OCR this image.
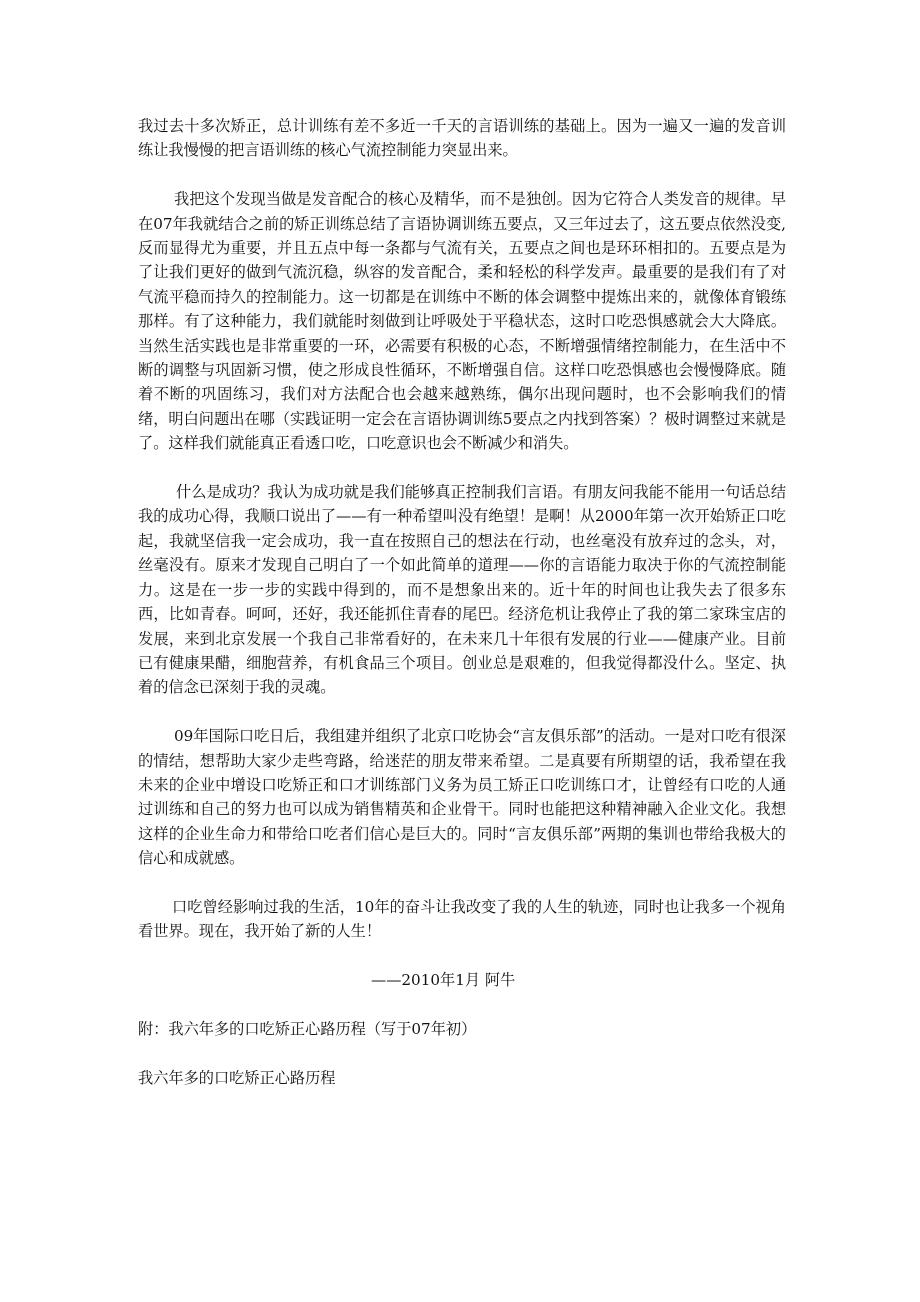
我过去十多次矫正，总计训练有差不多近一千天的言语训练的基础上。因为一遍又一遍的发音训练让我慢慢的把言语训练的核心气流控制能力突显出来。

我把这个发现当做是发音配合的核心及精华，而不是独创。因为它符合人类发音的规律。早在07年我就结合之前的矫正训练总结了言语协调训练五要点，又三年过去了，这五要点依然没变,反而显得尤为重要，并且五点中每一条都与气流有关，五要点之间也是环环相扣的。五要点是为了让我们更好的做到气流沉稳，纵容的发音配合，柔和轻松的科学发声。最重要的是我们有了对气流平稳而持久的控制能力。这一切都是在训练中不断的体会调整中提炼出来的，就像体育锻练那样。有了这种能力，我们就能时刻做到让呼吸处于平稳状态，这时口吃恐惧感就会大大降底。当然生活实践也是非常重要的一环，必需要有积极的心态，不断增强情绪控制能力，在生活中不断的调整与巩固新习惯，使之形成良性循环，不断增强自信。这样口吃恐惧感也会慢慢降底。随着不断的巩固练习，我们对方法配合也会越来越熟练，偶尔出现问题时，也不会影响我们的情绪，明白问题出在哪（实践证明一定会在言语协调训练5要点之内找到答案）？极时调整过来就是了。这样我们就能真正看透口吃，口吃意识也会不断减少和消失。

什么是成功？我认为成功就是我们能够真正控制我们言语。有朋友问我能不能用一句话总结我的成功心得，我顺口说出了——有一种希望叫没有绝望！是啊！从2000年第一次开始矫正口吃起，我就坚信我一定会成功，我一直在按照自己的想法在行动，也丝毫没有放弃过的念头，对，丝毫没有。原来才发现自己明白了一个如此简单的道理——你的言语能力取决于你的气流控制能力。这是在一步一步的实践中得到的，而不是想象出来的。近十年的时间也让我失去了很多东西，比如青春。呵呵，还好，我还能抓住青春的尾巴。经济危机让我停止了我的第二家珠宝店的发展，来到北京发展一个我自己非常看好的，在未来几十年很有发展的行业——健康产业。目前已有健康果醋，细胞营养，有机食品三个项目。创业总是艰难的，但我觉得都没什么。坚定、执着的信念已深刻于我的灵魂。

09年国际口吃日后，我组建并组织了北京口吃协会“言友俱乐部”的活动。一是对口吃有很深的情结，想帮助大家少走些弯路，给迷茫的朋友带来希望。二是真要有所期望的话，我希望在我未来的企业中增设口吃矫正和口才训练部门义务为员工矫正口吃训练口才，让曾经有口吃的人通过训练和自己的努力也可以成为销售精英和企业骨干。同时也能把这种精神融入企业文化。我想这样的企业生命力和带给口吃者们信心是巨大的。同时“言友俱乐部”两期的集训也带给我极大的信心和成就感。

口吃曾经影响过我的生活，10年的奋斗让我改变了我的人生的轨迹，同时也让我多一个视角看世界。现在，我开始了新的人生！

——2010年1月 阿牛

附：我六年多的口吃矫正心路历程（写于07年初）

我六年多的口吃矫正心路历程
